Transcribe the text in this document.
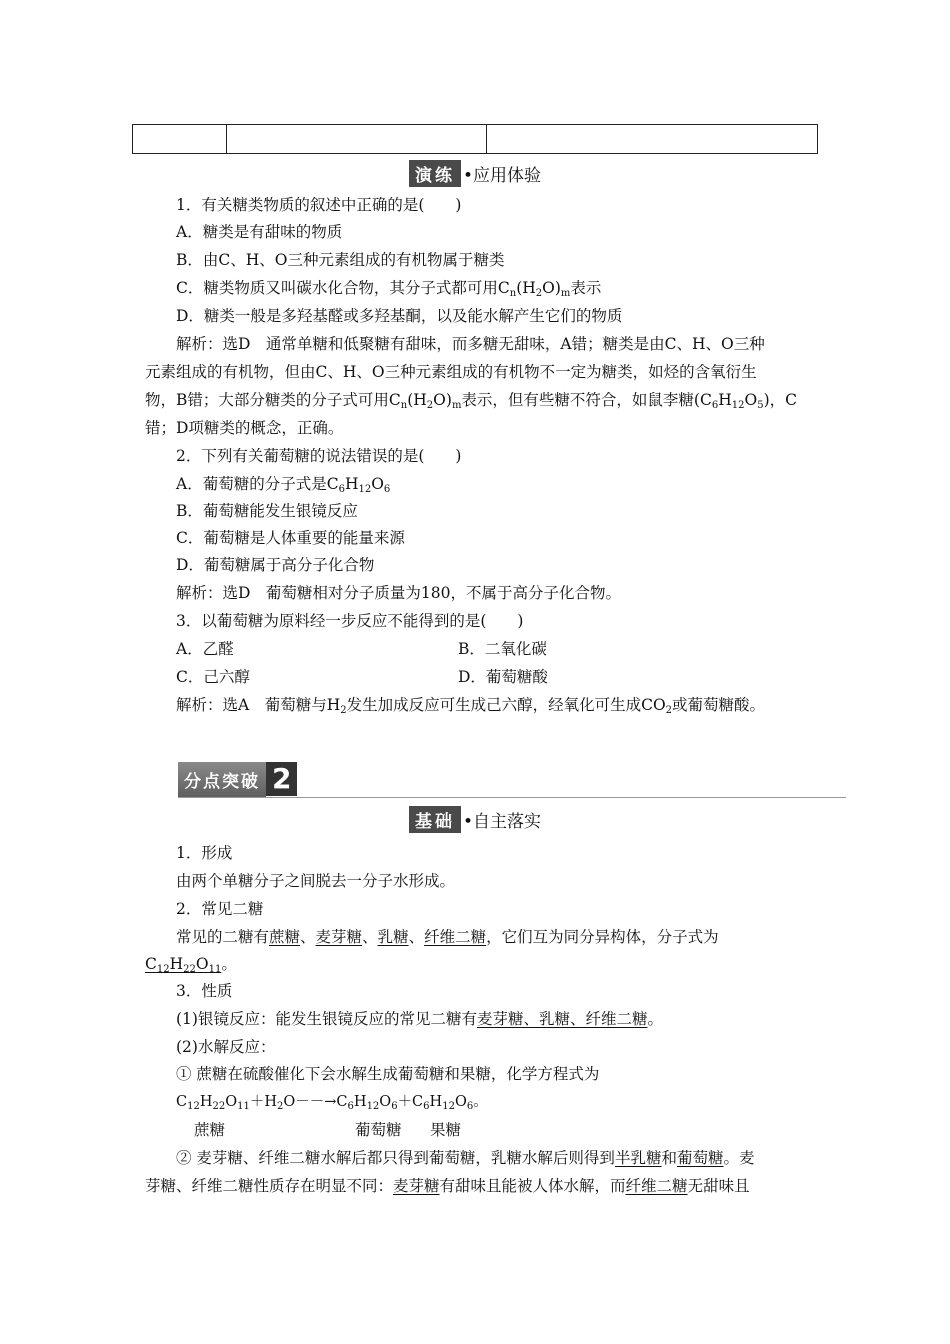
演练 •应用体验
1．有关糖类物质的叙述中正确的是(　　)
A．糖类是有甜味的物质
B．由C、H、O三种元素组成的有机物属于糖类
C．糖类物质又叫碳水化合物，其分子式都可用$C_n(H_2O)_m$表示
D．糖类一般是多羟基醛或多羟基酮，以及能水解产生它们的物质
解析：选D　通常单糖和低聚糖有甜味，而多糖无甜味，A错；糖类是由C、H、O三种
元素组成的有机物，但由C、H、O三种元素组成的有机物不一定为糖类，如烃的含氧衍生
物，B错；大部分糖类的分子式可用$C_n(H_2O)_m$表示，但有些糖不符合，如鼠李糖$(C_6H_{12}O_5)$，C
错；D项糖类的概念，正确。
2．下列有关葡萄糖的说法错误的是(　　)
A．葡萄糖的分子式是$C_6H_{12}O_6$
B．葡萄糖能发生银镜反应
C．葡萄糖是人体重要的能量来源
D．葡萄糖属于高分子化合物
解析：选D　葡萄糖相对分子质量为180，不属于高分子化合物。
3．以葡萄糖为原料经一步反应不能得到的是(　　)
A．乙醛	B．二氧化碳
C．己六醇	D．葡萄糖酸
解析：选A　葡萄糖与$H_2$发生加成反应可生成己六醇，经氧化可生成$CO_2$或葡萄糖酸。
分点突破 2
基础 •自主落实
1．形成
由两个单糖分子之间脱去一分子水形成。
2．常见二糖
常见的二糖有蔗糖、麦芽糖、乳糖、纤维二糖，它们互为同分异构体，分子式为
$C_{12}H_{22}O_{11}$。
3．性质
(1)银镜反应：能发生银镜反应的常见二糖有麦芽糖、乳糖、纤维二糖。
(2)水解反应：
① 蔗糖在硫酸催化下会水解生成葡萄糖和果糖，化学方程式为
$C_{12}H_{22}O_{11}+H_2O--\to C_6H_{12}O_6+C_6H_{12}O_6$。
蔗糖	葡萄糖 果糖
② 麦芽糖、纤维二糖水解后都只得到葡萄糖，乳糖水解后则得到半乳糖和葡萄糖。麦
芽糖、纤维二糖性质存在明显不同：麦芽糖有甜味且能被人体水解，而纤维二糖无甜味且
